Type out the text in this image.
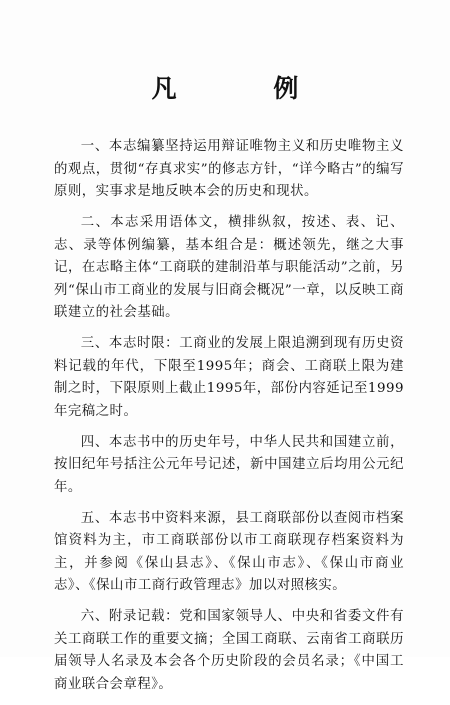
凡 例

一、本志编纂坚持运用辩证唯物主义和历史唯物主义的观点，贯彻“存真求实”的修志方针，“详今略古”的编写原则，实事求是地反映本会的历史和现状。

二、本志采用语体文，横排纵叙，按述、表、记、志、录等体例编纂，基本组合是：概述领先，继之大事记，在志略主体“工商联的建制沿革与职能活动”之前，另列“保山市工商业的发展与旧商会概况”一章，以反映工商联建立的社会基础。

三、本志时限：工商业的发展上限追溯到现有历史资料记载的年代，下限至1995年；商会、工商联上限为建制之时，下限原则上截止1995年，部份内容延记至1999年完稿之时。

四、本志书中的历史年号，中华人民共和国建立前，按旧纪年号括注公元年号记述，新中国建立后均用公元纪年。

五、本志书中资料来源，县工商联部份以查阅市档案馆资料为主，市工商联部份以市工商联现存档案资料为主，并参阅《保山县志》、《保山市志》、《保山市商业志》、《保山市工商行政管理志》加以对照核实。

六、附录记载：党和国家领导人、中央和省委文件有关工商联工作的重要文摘；全国工商联、云南省工商联历届领导人名录及本会各个历史阶段的会员名录；《中国工商业联合会章程》。
